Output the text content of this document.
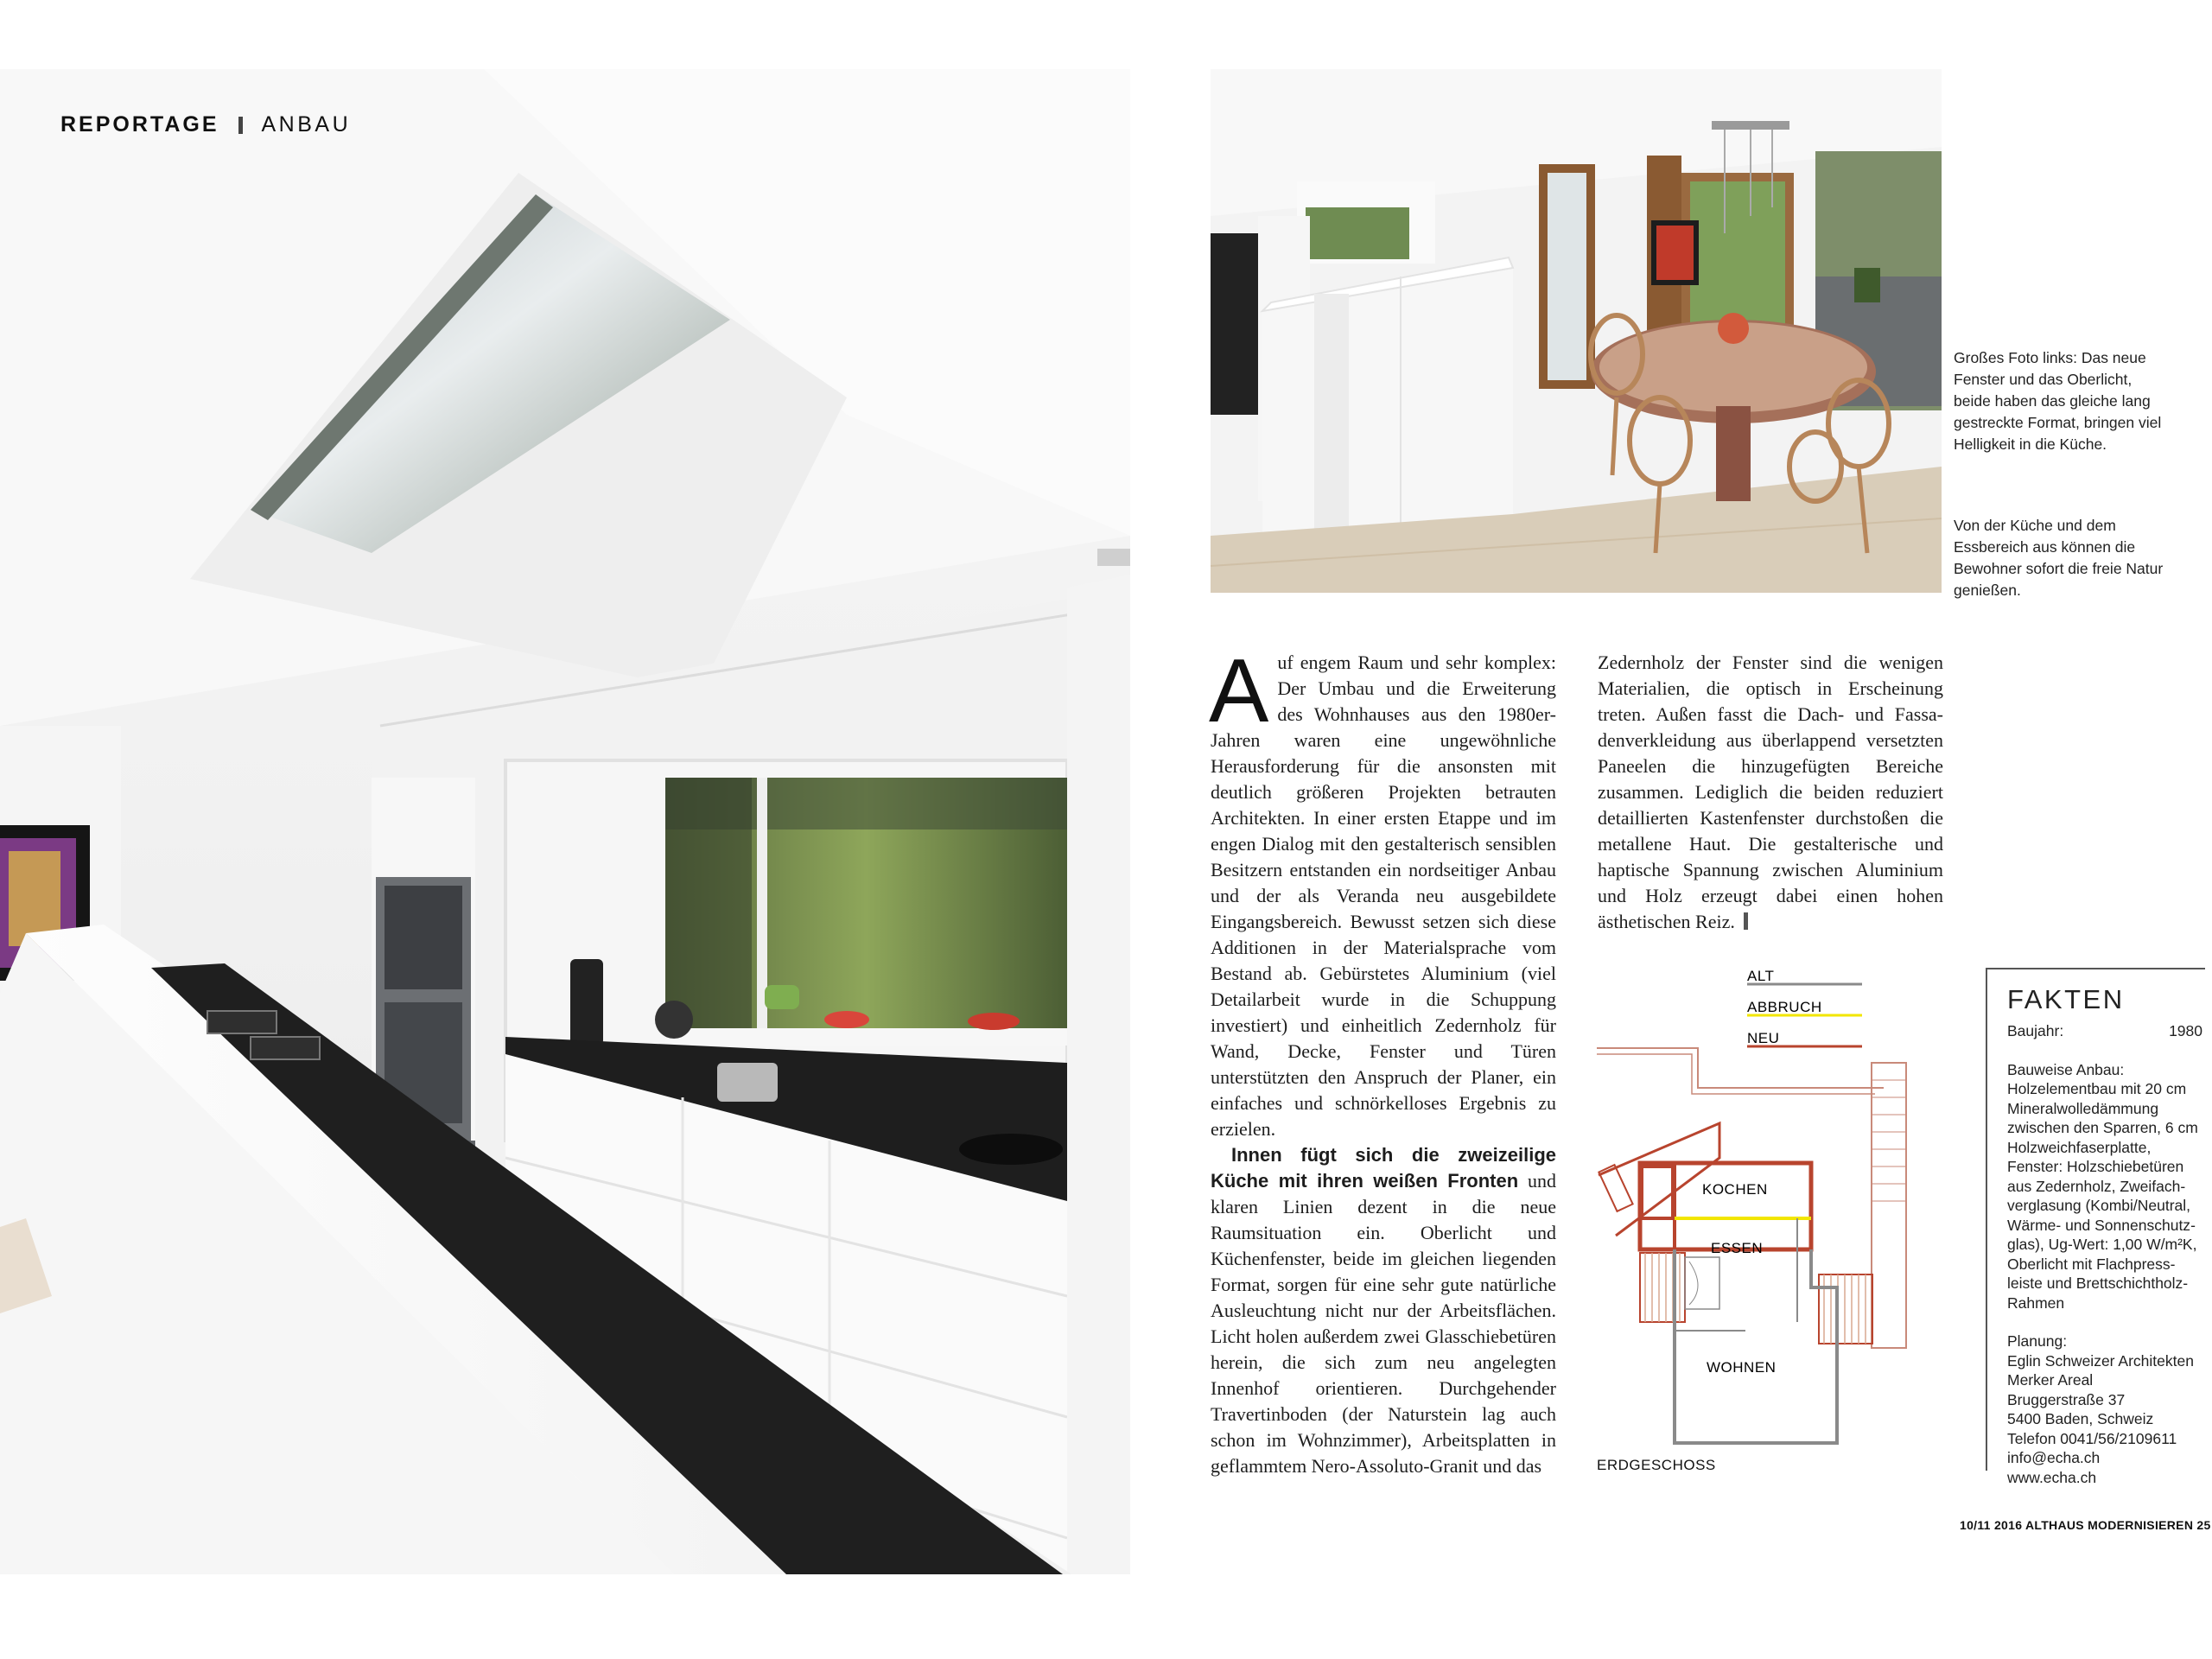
REPORTAGE ANBAU
Großes Foto links: Das neue Fenster und das Oberlicht, beide haben das gleiche lang gestreckte Format, bringen viel Helligkeit in die Küche.
Von der Küche und dem Essbereich aus können die Bewohner sofort die freie Natur genießen.

Auf engem Raum und sehr komplex: Der Umbau und die Erweiterung des Wohnhauses aus den 1980er-Jahren waren eine ungewöhnliche Herausforderung für die ansonsten mit deutlich größeren Projekten betrauten Architekten. In einer ersten Etappe und im engen Dialog mit den gestalterisch sensiblen Besitzern entstanden ein nordseitiger Anbau und der als Veranda neu ausgebildete Eingangsbereich. Bewusst setzen sich diese Additionen in der Materialsprache vom Bestand ab. Gebürstetes Aluminium (viel Detailarbeit wurde in die Schuppung investiert) und einheitlich Zedernholz für Wand, Decke, Fenster und Türen unterstützten den Anspruch der Planer, ein einfaches und schnörkelloses Ergebnis zu erzielen.

Innen fügt sich die zweizeilige Küche mit ihren weißen Fronten und klaren Linien dezent in die neue Raumsituation ein. Oberlicht und Küchenfenster, beide im gleichen liegenden Format, sorgen für eine sehr gute natürliche Ausleuchtung nicht nur der Arbeitsflächen. Licht holen außerdem zwei Glasschiebetüren herein, die sich zum neu angelegten Innenhof orientieren. Durchgehender Travertinboden (der Naturstein lag auch schon im Wohnzimmer), Arbeitsplatten in geflammtem Nero-Assoluto-Granit und das

Zedernholz der Fenster sind die wenigen Materialien, die optisch in Erscheinung treten. Außen fasst die Dach- und Fassadenverkleidung aus überlappend versetzten Paneelen die hinzugefügten Bereiche zusammen. Lediglich die beiden reduziert detaillierten Kastenfenster durchstoßen die metallene Haut. Die gestalterische und haptische Spannung zwischen Aluminium und Holz erzeugt dabei einen hohen ästhetischen Reiz.

ALT
ABBRUCH
NEU
KOCHEN
ESSEN
WOHNEN
ERDGESCHOSS
FAKTEN
Baujahr:	1980
Bauweise Anbau: Holzelementbau mit 20 cm Mineralwolledämmung zwischen den Sparren, 6 cm Holzweichfaserplatte, Fenster: Holzschiebetüren aus Zedernholz, Zweifachverglasung (Kombi/Neutral, Wärme- und Sonnenschutzglas), Ug-Wert: 1,00 W/m²K, Oberlicht mit Flachpressleiste und Brettschichtholz-Rahmen
Planung:
Eglin Schweizer Architekten
Merker Areal
Bruggerstraße 37
5400 Baden, Schweiz
Telefon 0041/56/2109611
info@echa.ch
www.echa.ch
10/11 2016 ALTHAUS MODERNISIEREN 25
